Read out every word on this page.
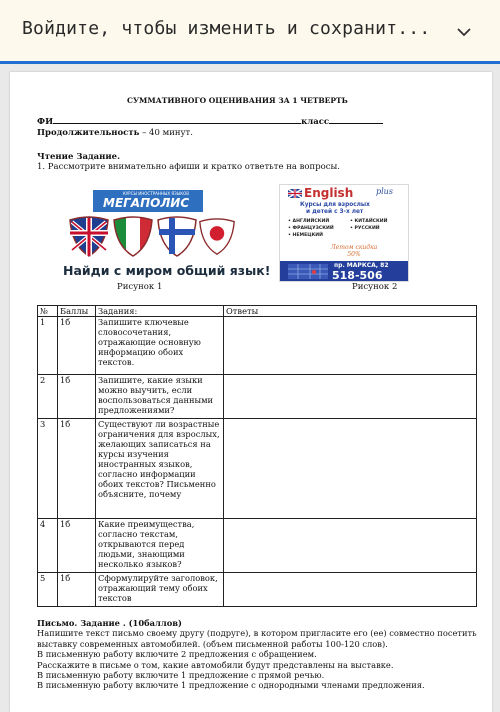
Войдите, чтобы изменить и сохранит...
СУММАТИВНОГО ОЦЕНИВАНИЯ ЗА 1 ЧЕТВЕРТЬ
ФИ	класс
Продолжительность – 40 минут.
Чтение Задание.
1. Рассмотрите внимательно афиши и кратко ответьте на вопросы.
КУРСЫ ИНОСТРАННЫХ ЯЗЫКОВ
МЕГАПОЛИС
Найди с миром общий язык!
English	plus
Курсы для взрослых
и детей с 3-х лет
• АНГЛИЙСКИЙ	• КИТАЙСКИЙ
• ФРАНЦУЗСКИЙ	• РУССКИЙ
• НЕМЕЦКИЙ
Летом скидка
50%
пр. МАРКСА, 82
518-506
Рисунок 1	Рисунок 2
№	Баллы	Задания:	Ответы
1	1б	Запишите ключевые словосочетания, отражающие основную информацию обоих текстов.	
2	1б	Запишите, какие языки можно выучить, если воспользоваться данными предложениями?	
3	1б	Существуют ли возрастные ограничения для взрослых, желающих записаться на курсы изучения иностранных языков, согласно информации обоих текстов? Письменно объясните, почему	
4	1б	Какие преимущества, согласно текстам, открываются перед людьми, знающими несколько языков?	
5	1б	Сформулируйте заголовок, отражающий тему обоих текстов	
Письмо. Задание . (10баллов)
Напишите текст письмо своему другу (подруге), в котором пригласите его (ее) совместно посетить
выставку современных автомобилей. (объем письменной работы 100-120 слов).
В письменную работу включите 2 предложения с обращением.
Расскажите в письме о том, какие автомобили будут представлены на выставке.
В письменную работу включите 1 предложение с прямой речью.
В письменную работу включите 1 предложение с однородными членами предложения.
